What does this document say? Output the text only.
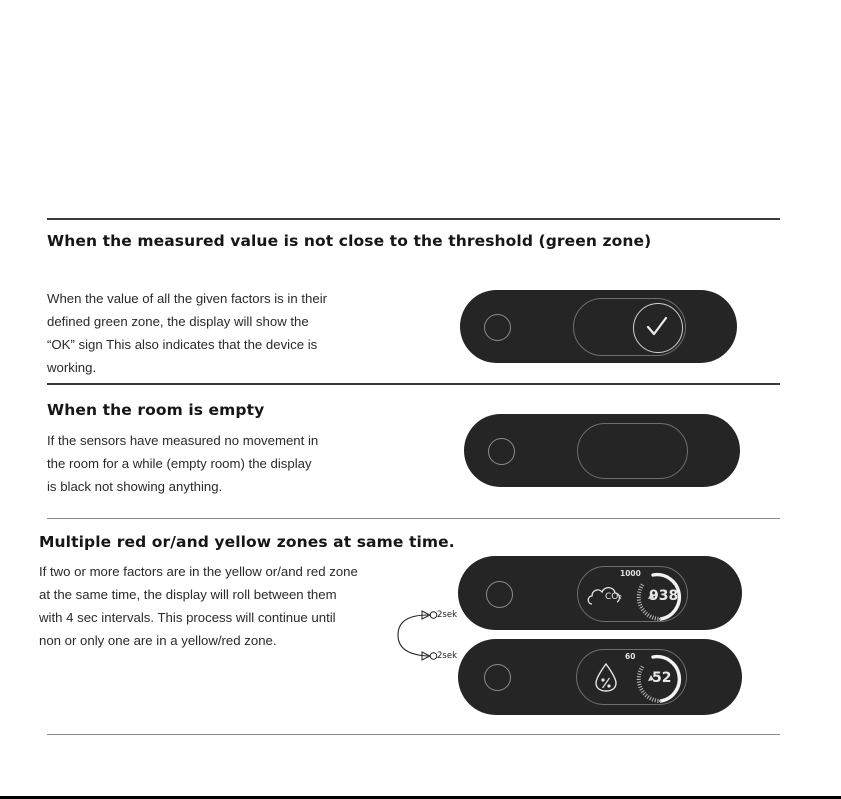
When the measured value is not close to the threshold (green zone)

When the value of all the given factors is in their
defined green zone, the display will show the
“OK” sign This also indicates that the device is
working.

When the room is empty

If the sensors have measured no movement in
the room for a while (empty room) the display
is black not showing anything.

Multiple red or/and yellow zones at same time.

If two or more factors are in the yellow or/and red zone
at the same time, the display will roll between them
with 4 sec intervals. This process will continue until
non or only one are in a yellow/red zone.

2sek
2sek
CO₂
1000
938
60
52
